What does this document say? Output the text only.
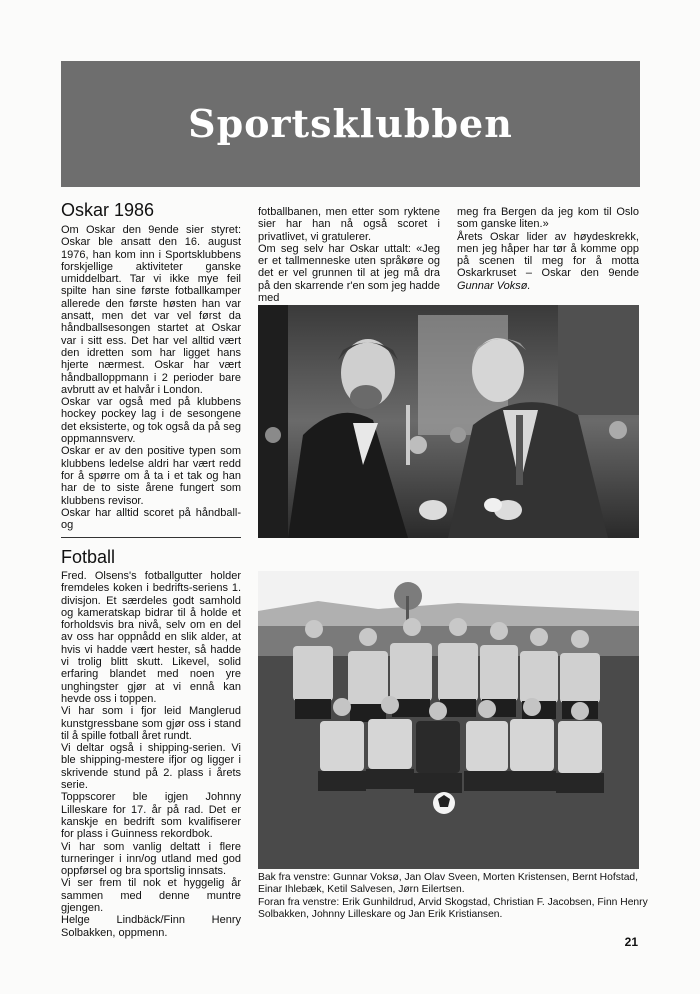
Sportsklubben
Oskar 1986

Om Oskar den 9ende sier styret: Oskar ble ansatt den 16. august 1976, han kom inn i Sportsklubbens forskjellige aktiviteter ganske umiddelbart. Tar vi ikke mye feil spilte han sine første fotballkamper allerede den første høsten han var ansatt, men det var vel først da håndballsesongen startet at Oskar var i sitt ess. Det har vel alltid vært den idretten som har ligget hans hjerte nærmest. Oskar har vært håndballoppmann i 2 perioder bare avbrutt av et halvår i London.

Oskar var også med på klubbens hockey pockey lag i de sesongene det eksisterte, og tok også da på seg oppmannsverv.

Oskar er av den positive typen som klubbens ledelse aldri har vært redd for å spørre om å ta i et tak og han har de to siste årene fungert som klubbens revisor.

Oskar har alltid scoret på håndball-og

fotballbanen, men etter som ryktene sier har han nå også scoret i privatlivet, vi gratulerer.

Om seg selv har Oskar uttalt: «Jeg er et tallmenneske uten språkøre og det er vel grunnen til at jeg må dra på den skarrende r'en som jeg hadde med

meg fra Bergen da jeg kom til Oslo som ganske liten.»

Årets Oskar lider av høydeskrekk, men jeg håper har tør å komme opp på scenen til meg for å motta Oskarkruset – Oskar den 9ende Gunnar Voksø.

Fotball

Fred. Olsens's fotballgutter holder fremdeles koken i bedrifts-seriens 1. divisjon. Et særdeles godt samhold og kameratskap bidrar til å holde et forholdsvis bra nivå, selv om en del av oss har oppnådd en slik alder, at hvis vi hadde vært hester, så hadde vi trolig blitt skutt. Likevel, solid erfaring blandet med noen yre unghingster gjør at vi ennå kan hevde oss i toppen.

Vi har som i fjor leid Manglerud kunstgressbane som gjør oss i stand til å spille fotball året rundt.

Vi deltar også i shipping-serien. Vi ble shipping-mestere ifjor og ligger i skrivende stund på 2. plass i årets serie.

Toppscorer ble igjen Johnny Lilleskare for 17. år på rad. Det er kanskje en bedrift som kvalifiserer for plass i Guinness rekordbok.

Vi har som vanlig deltatt i flere turneringer i inn/og utland med god oppførsel og bra sportslig innsats.

Vi ser frem til nok et hyggelig år sammen med denne muntre gjengen.

Helge Lindbäck/Finn Henry Solbakken, oppmenn.

Bak fra venstre: Gunnar Voksø, Jan Olav Sveen, Morten Kristensen, Bernt Hofstad, Einar Ihlebæk, Ketil Salvesen, Jørn Eilertsen.
Foran fra venstre: Erik Gunhildrud, Arvid Skogstad, Christian F. Jacobsen, Finn Henry Solbakken, Johnny Lilleskare og Jan Erik Kristiansen.
21
